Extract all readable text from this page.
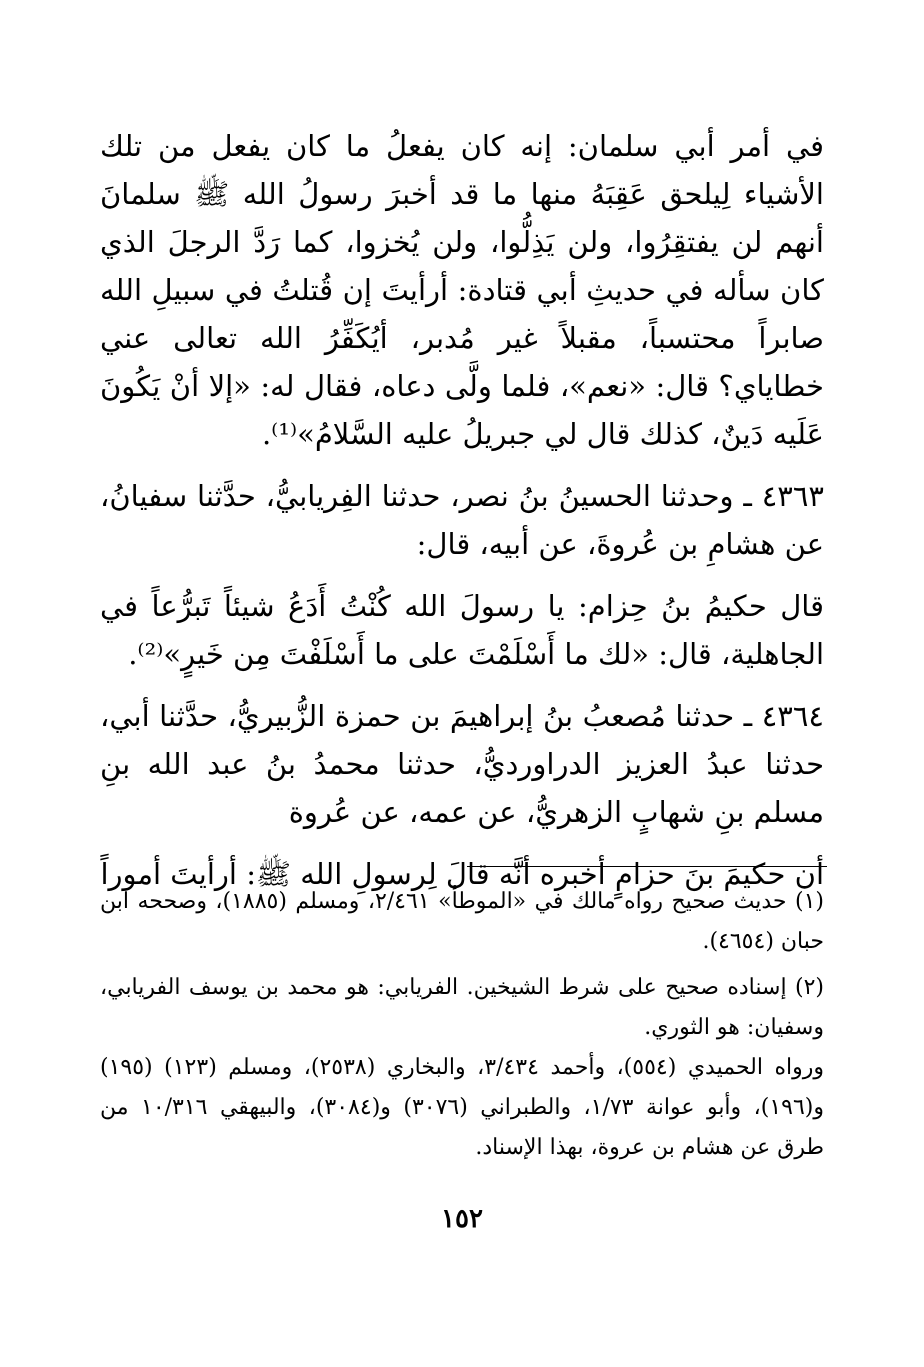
في أمر أبي سلمان: إنه كان يفعلُ ما كان يفعل من تلك الأشياء لِيلحق عَقِبَهُ منها ما قد أخبرَ رسولُ الله ﷺ سلمانَ أنهم لن يفتقِرُوا، ولن يَذِلُّوا، ولن يُخزوا، كما رَدَّ الرجلَ الذي كان سأله في حديثِ أبي قتادة: أرأيتَ إن قُتلتُ في سبيلِ الله صابراً محتسباً، مقبلاً غير مُدبر، أيُكَفِّرُ الله تعالى عني خطاياي؟ قال: «نعم»، فلما ولَّى دعاه، فقال له: «إلا أنْ يَكُونَ عَلَيه دَينٌ، كذلك قال لي جبريلُ عليه السَّلامُ»⁽¹⁾.

٤٣٦٣ ـ وحدثنا الحسينُ بنُ نصر، حدثنا الفِريابيُّ، حدَّثنا سفيانُ، عن هشامِ بن عُروةَ، عن أبيه، قال:

قال حكيمُ بنُ حِزام: يا رسولَ الله كُنْتُ أَدَعُ شيئاً تَبرُّعاً في الجاهلية، قال: «لك ما أَسْلَمْتَ على ما أَسْلَفْتَ مِن خَيرٍ»⁽²⁾.

٤٣٦٤ ـ حدثنا مُصعبُ بنُ إبراهيمَ بن حمزة الزُّبيريُّ، حدَّثنا أبي، حدثنا عبدُ العزيز الدراورديُّ، حدثنا محمدُ بنُ عبد الله بنِ مسلم بنِ شهابٍ الزهريُّ، عن عمه، عن عُروة

أن حكيمَ بنَ حزامٍ أخبره أنَّه قالَ لِرسولِ الله ﷺ: أرأيتَ أموراً

(١) حديث صحيح رواه مالك في «الموطأ» ٢/٤٦١، ومسلم (١٨٨٥)، وصححه ابن حبان (٤٦٥٤).

(٢) إسناده صحيح على شرط الشيخين. الفريابي: هو محمد بن يوسف الفريابي، وسفيان: هو الثوري.

ورواه الحميدي (٥٥٤)، وأحمد ٣/٤٣٤، والبخاري (٢٥٣٨)، ومسلم (١٢٣) (١٩٥) و(١٩٦)، وأبو عوانة ١/٧٣، والطبراني (٣٠٧٦) و(٣٠٨٤)، والبيهقي ١٠/٣١٦ من طرق عن هشام بن عروة، بهذا الإسناد.

١٥٢
